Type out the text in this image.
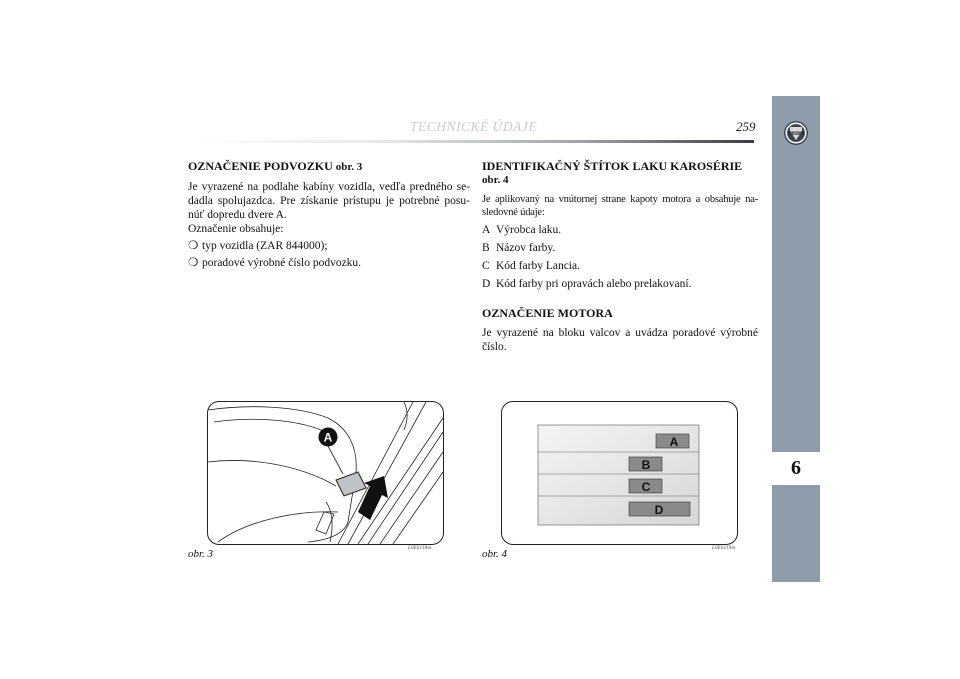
TECHNICKÉ ÚDAJE	259	LANCIA
6
OZNAČENIE PODVOZKU obr. 3

Je vyrazené na podlahe kabíny vozidla, vedľa predného se-dadla spolujazdca. Pre získanie prístupu je potrebné posu-núť dopredu dvere A.

Označenie obsahuje:

❍ typ vozidla (ZAR 844000);
❍ poradové výrobné číslo podvozku.
IDENTIFIKAČNÝ ŠTÍTOK LAKU KAROSÉRIE
obr. 4

Je aplikovaný na vnútornej strane kapoty motora a obsahuje na-sledovné údaje:

A Výrobca laku.
B Názov farby.
C Kód farby Lancia.
D Kód farby pri opravách alebo prelakovaní.
OZNAČENIE MOTORA

Je vyrazené na bloku valcov a uvádza poradové výrobné číslo.

A
obr. 3	L0E0118m
A
B
C
D
obr. 4	L0E0119m
